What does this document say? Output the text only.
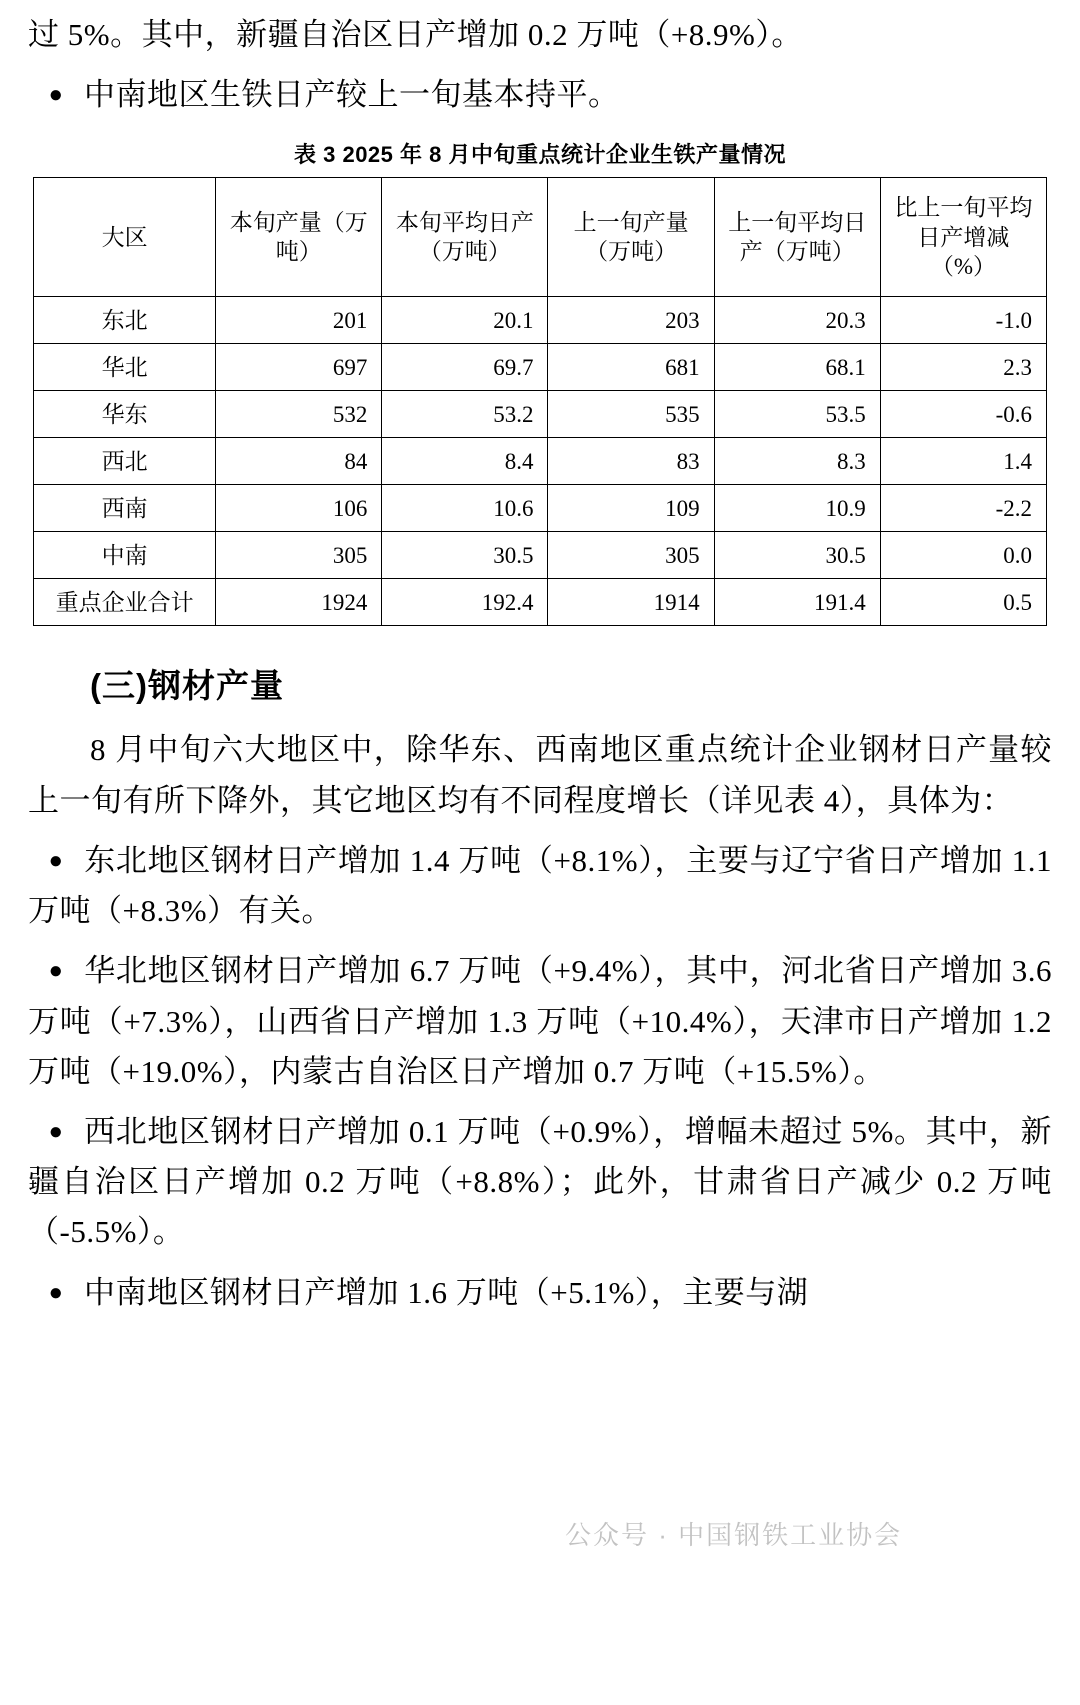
过 5%。其中，新疆自治区日产增加 0.2 万吨（+8.9%）。

● 中南地区生铁日产较上一旬基本持平。

表 3 2025 年 8 月中旬重点统计企业生铁产量情况
大区	本旬产量（万吨）	本旬平均日产（万吨）	上一旬产量（万吨）	上一旬平均日产（万吨）	比上一旬平均日产增减（%）
东北	201	20.1	203	20.3	-1.0
华北	697	69.7	681	68.1	2.3
华东	532	53.2	535	53.5	-0.6
西北	84	8.4	83	8.3	1.4
西南	106	10.6	109	10.9	-2.2
中南	305	30.5	305	30.5	0.0
重点企业合计	1924	192.4	1914	191.4	0.5
(三)钢材产量

8 月中旬六大地区中，除华东、西南地区重点统计企业钢材日产量较上一旬有所下降外，其它地区均有不同程度增长（详见表 4），具体为：

● 东北地区钢材日产增加 1.4 万吨（+8.1%），主要与辽宁省日产增加 1.1 万吨（+8.3%）有关。

● 华北地区钢材日产增加 6.7 万吨（+9.4%），其中，河北省日产增加 3.6 万吨（+7.3%），山西省日产增加 1.3 万吨（+10.4%），天津市日产增加 1.2 万吨（+19.0%），内蒙古自治区日产增加 0.7 万吨（+15.5%）。

● 西北地区钢材日产增加 0.1 万吨（+0.9%），增幅未超过 5%。其中，新疆自治区日产增加 0.2 万吨（+8.8%）；此外，甘肃省日产减少 0.2 万吨（-5.5%）。

● 中南地区钢材日产增加 1.6 万吨（+5.1%），主要与湖

公众号 · 中国钢铁工业协会
